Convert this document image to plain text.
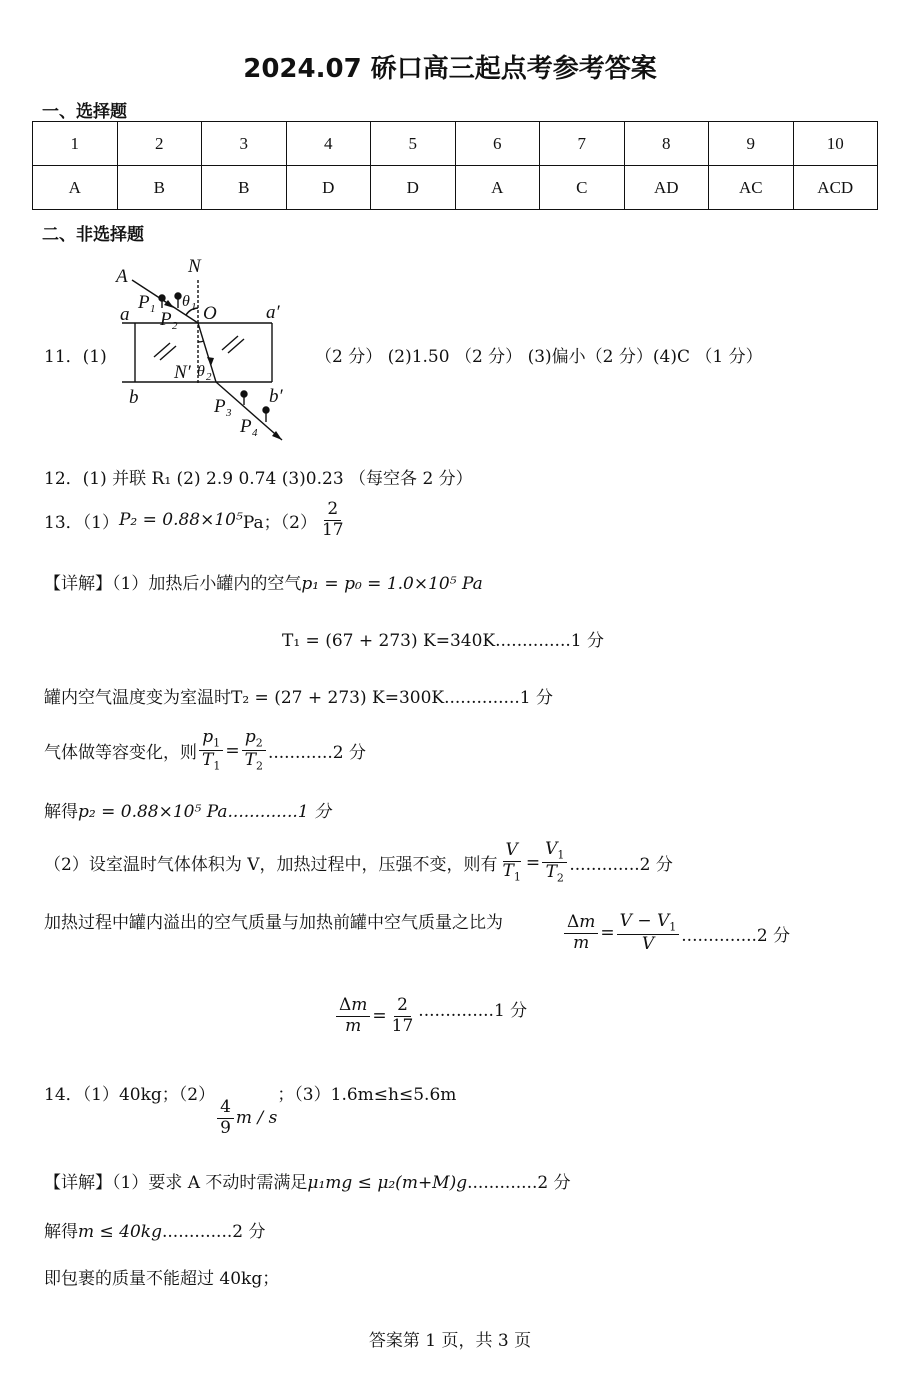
2024.07 硚口高三起点考参考答案
一、选择题
1	2	3	4	5	6	7	8	9	10
A	B	B	D	D	A	C	AD	AC	ACD
二、非选择题
11．(1)
A	N
θ 1
P 1 P 2
O
a	a′
N′ θ 2
b	b′
P 3
P 4
（2 分） (2)1.50 （2 分） (3)偏小（2 分）(4)C （1 分）
12．(1) 并联 R₁ (2) 2.9 0.74 (3)0.23 （每空各 2 分）
13．（1） P₂ = 0.88×10⁵ Pa；$(2) \frac{2}{17}$
【详解】（1）加热后小罐内的空气p₁ = p₀ = 1.0×10⁵ Pa
T₁ = (67 + 273) K=340K..............1 分
罐内空气温度变为室温时T₂ = (27 + 273) K=300K..............1 分
气体做等容变化，则 $\frac{p_1}{T_1} = \frac{p_2}{T_2} ............2$ 分
解得p₂ = 0.88×10⁵ Pa.............1 分
（2）设室温时气体体积为 V，加热过程中，压强不变，则有 $\frac{V}{T_1} = \frac{V_1}{T_2} .............2$ 分
加热过程中罐内溢出的空气质量与加热前罐中空气质量之比为	$\frac{\Delta m}{m} = \frac{V - V_1}{V} ..............2$ 分
$\frac{\Delta m}{m} = \frac{2}{17} ..............1$ 分
14．（1）40kg；（2）
$\frac{4}{9}$ m / s
；（3）1.6m≤h≤5.6m
【详解】（1）要求 A 不动时需满足μ₁mg ≤ μ₂(m+M)g.............2 分
解得m ≤ 40kg.............2 分
即包裹的质量不能超过 40kg；
答案第 1 页，共 3 页
